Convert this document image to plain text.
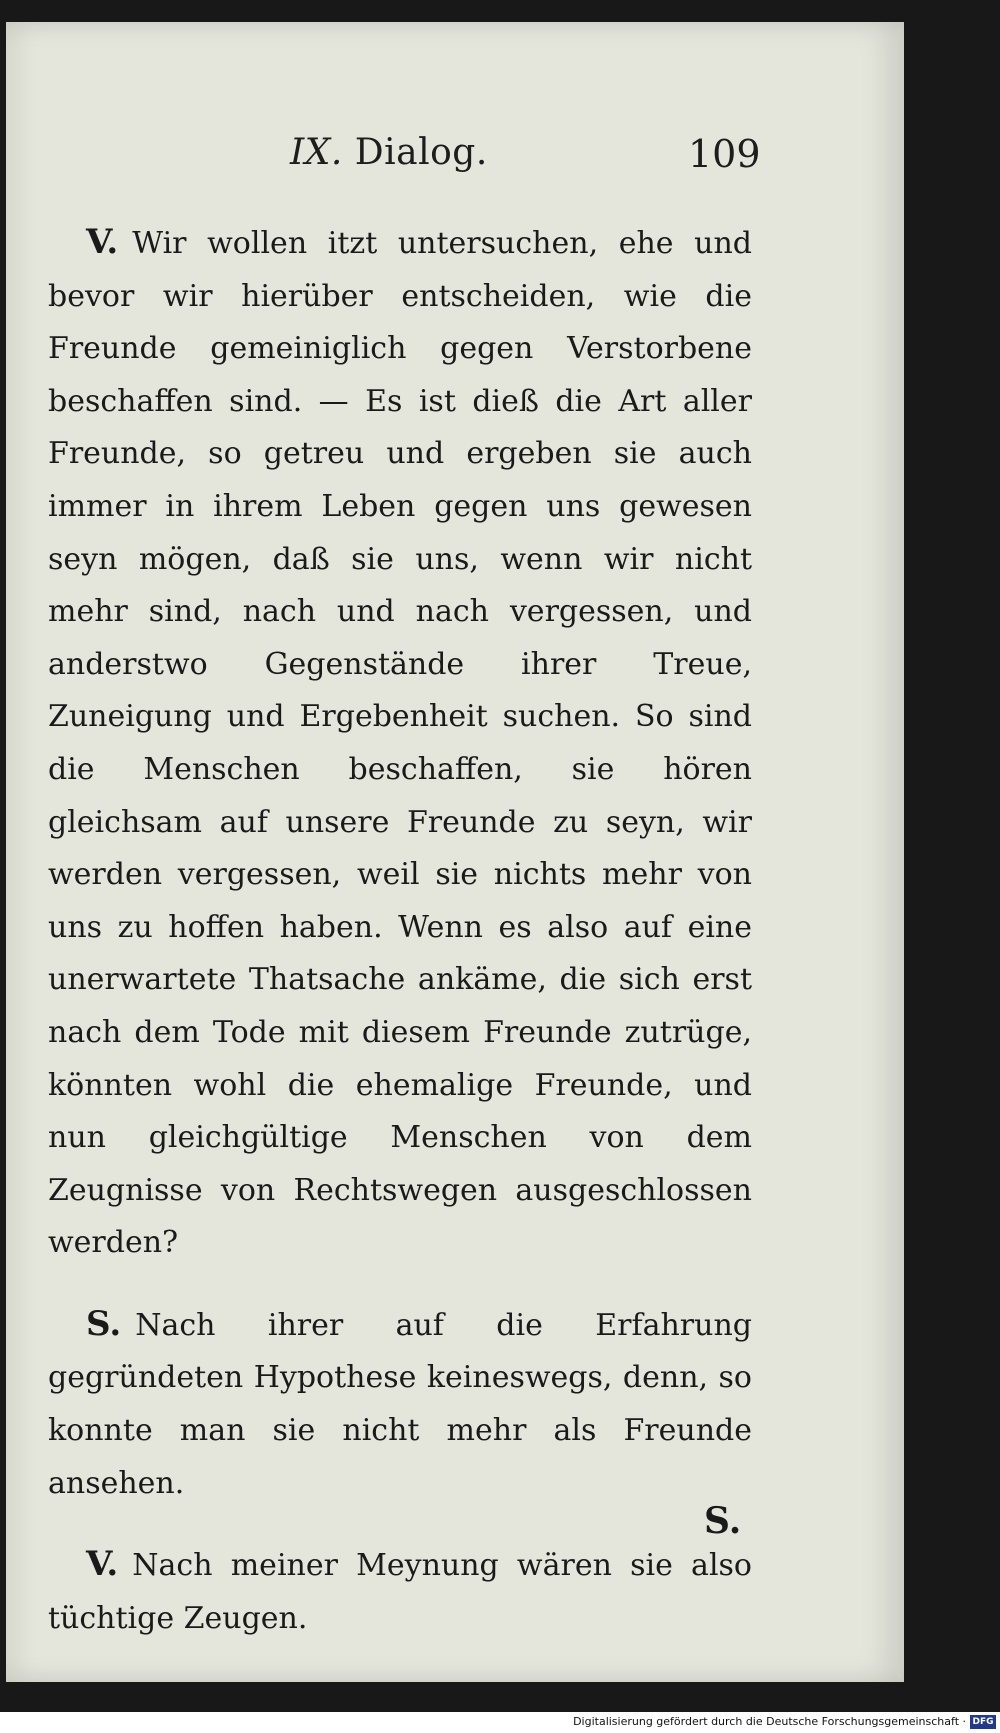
IX. Dialog.	109

V. Wir wollen itzt untersuchen, ehe und bevor wir hierüber entscheiden, wie die Freunde gemeiniglich gegen Verstorbene beschaffen sind. — Es ist dieß die Art aller Freunde, so getreu und ergeben sie auch immer in ihrem Leben gegen uns gewesen seyn mögen, daß sie uns, wenn wir nicht mehr sind, nach und nach vergessen, und anderstwo Gegenstände ihrer Treue, Zuneigung und Ergebenheit suchen. So sind die Menschen beschaffen, sie hören gleichsam auf unsere Freunde zu seyn, wir werden vergessen, weil sie nichts mehr von uns zu hoffen haben. Wenn es also auf eine unerwartete Thatsache ankäme, die sich erst nach dem Tode mit diesem Freunde zutrüge, könnten wohl die ehemalige Freunde, und nun gleichgültige Menschen von dem Zeugnisse von Rechtswegen ausgeschlossen werden?

S. Nach ihrer auf die Erfahrung gegründeten Hypothese keineswegs, denn, so konnte man sie nicht mehr als Freunde ansehen.

V. Nach meiner Meynung wären sie also tüchtige Zeugen.

S.
Digitalisierung gefördert durch die Deutsche Forschungsgemeinschaft · DFG
